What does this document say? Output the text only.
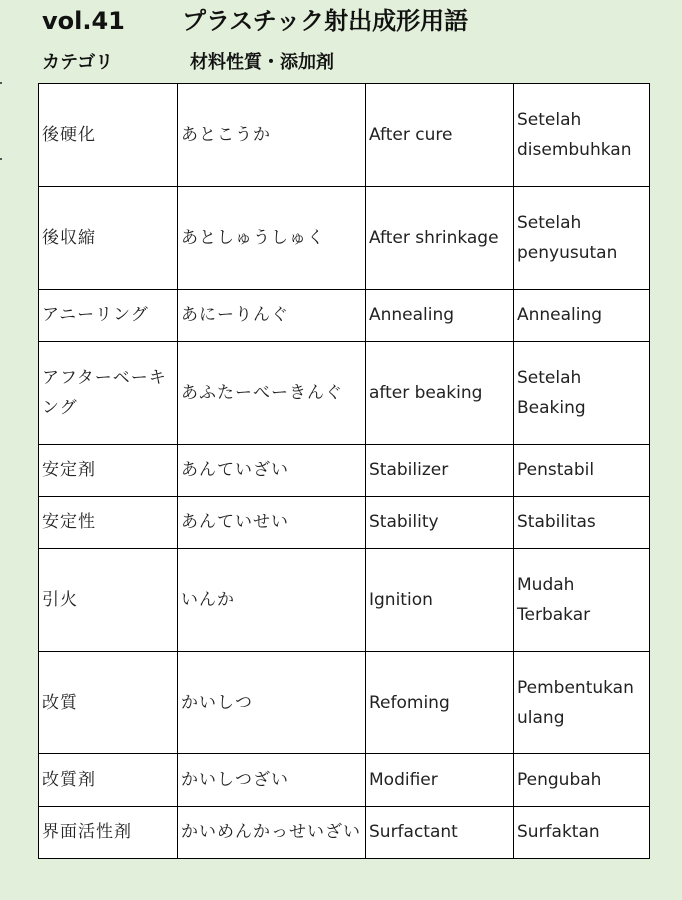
vol.41 プラスチック射出成形用語
カテゴリ	材料性質・添加剤
後硬化	あとこうか	After cure	Setelah disembuhkan
後収縮	あとしゅうしゅく	After shrinkage	Setelah penyusutan
アニーリング	あにーりんぐ	Annealing	Annealing
アフターベーキング	あふたーべーきんぐ	after beaking	Setelah Beaking
安定剤	あんていざい	Stabilizer	Penstabil
安定性	あんていせい	Stability	Stabilitas
引火	いんか	Ignition	Mudah Terbakar
改質	かいしつ	Refoming	Pembentukan ulang
改質剤	かいしつざい	Modifier	Pengubah
界面活性剤	かいめんかっせいざい	Surfactant	Surfaktan
